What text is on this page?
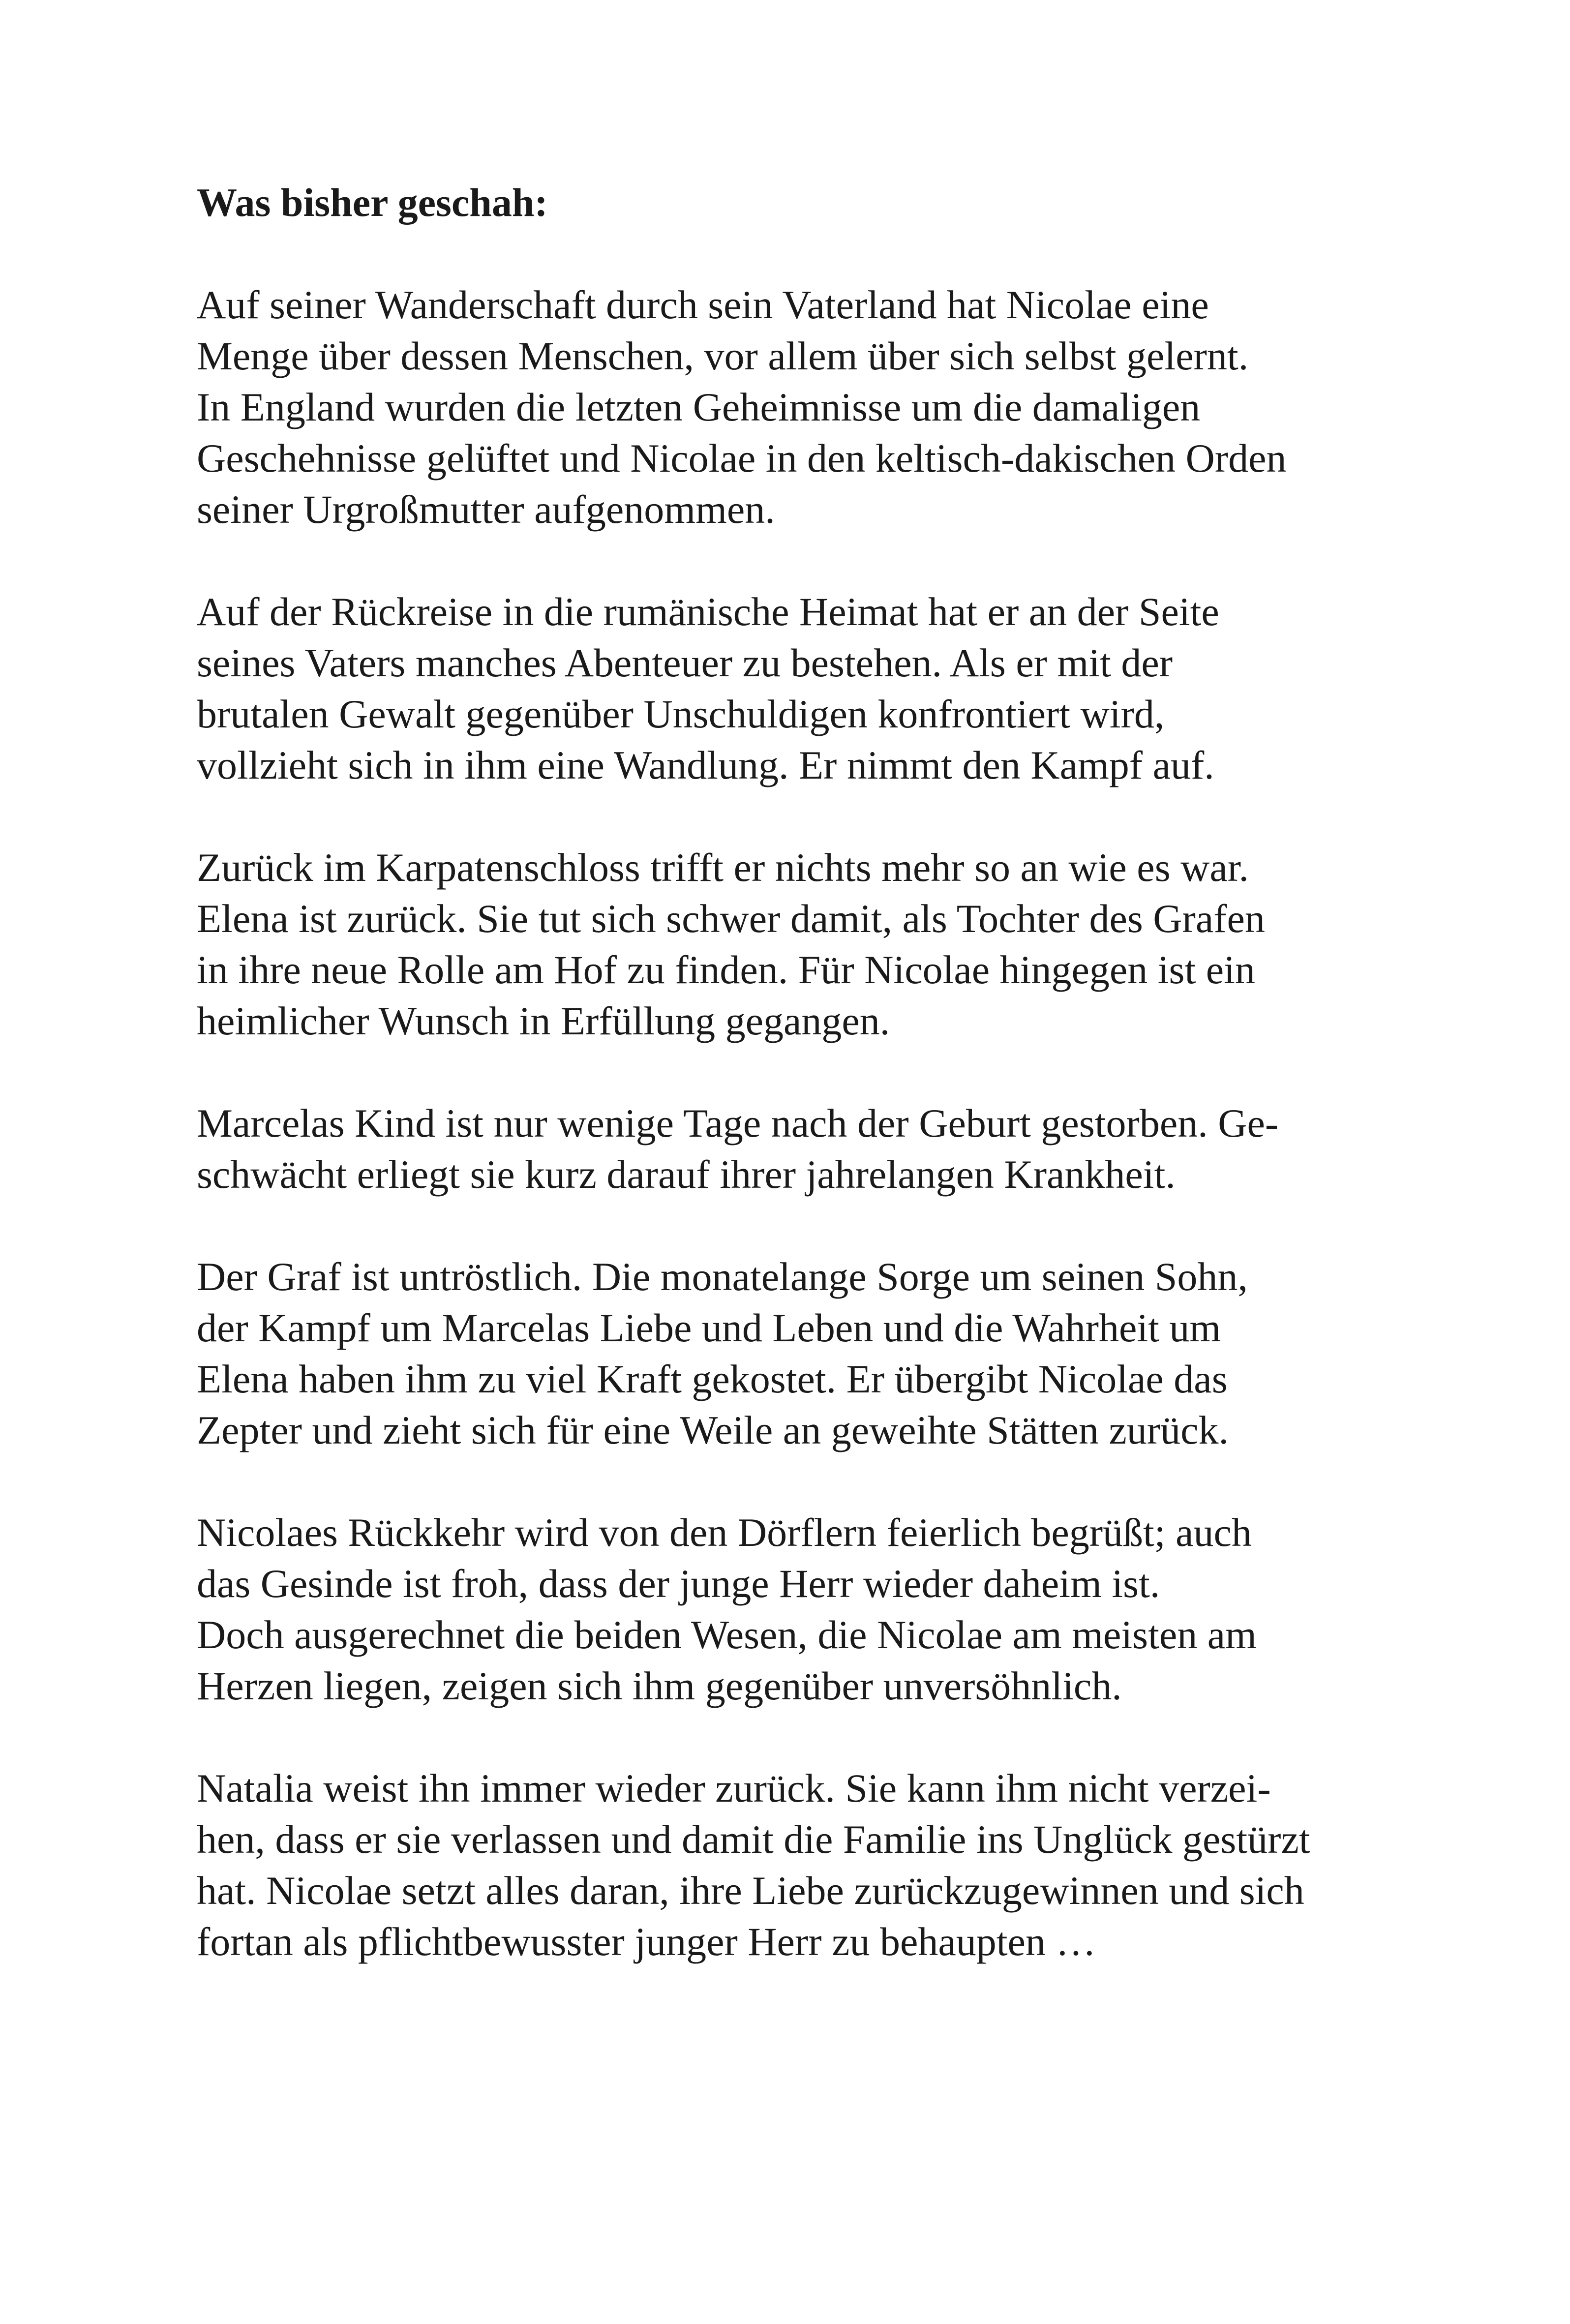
Was bisher geschah:
Auf seiner Wanderschaft durch sein Vaterland hat Nicolae eine
Menge über dessen Menschen, vor allem über sich selbst gelernt.
In England wurden die letzten Geheimnisse um die damaligen
Geschehnisse gelüftet und Nicolae in den keltisch-dakischen Orden
seiner Urgroßmutter aufgenommen.
Auf der Rückreise in die rumänische Heimat hat er an der Seite
seines Vaters manches Abenteuer zu bestehen. Als er mit der
brutalen Gewalt gegenüber Unschuldigen konfrontiert wird,
vollzieht sich in ihm eine Wandlung. Er nimmt den Kampf auf.
Zurück im Karpatenschloss trifft er nichts mehr so an wie es war.
Elena ist zurück. Sie tut sich schwer damit, als Tochter des Grafen
in ihre neue Rolle am Hof zu finden. Für Nicolae hingegen ist ein
heimlicher Wunsch in Erfüllung gegangen.
Marcelas Kind ist nur wenige Tage nach der Geburt gestorben. Ge-
schwächt erliegt sie kurz darauf ihrer jahrelangen Krankheit.
Der Graf ist untröstlich. Die monatelange Sorge um seinen Sohn,
der Kampf um Marcelas Liebe und Leben und die Wahrheit um
Elena haben ihm zu viel Kraft gekostet. Er übergibt Nicolae das
Zepter und zieht sich für eine Weile an geweihte Stätten zurück.
Nicolaes Rückkehr wird von den Dörflern feierlich begrüßt; auch
das Gesinde ist froh, dass der junge Herr wieder daheim ist.
Doch ausgerechnet die beiden Wesen, die Nicolae am meisten am
Herzen liegen, zeigen sich ihm gegenüber unversöhnlich.
Natalia weist ihn immer wieder zurück. Sie kann ihm nicht verzei-
hen, dass er sie verlassen und damit die Familie ins Unglück gestürzt
hat. Nicolae setzt alles daran, ihre Liebe zurückzugewinnen und sich
fortan als pflichtbewusster junger Herr zu behaupten …
